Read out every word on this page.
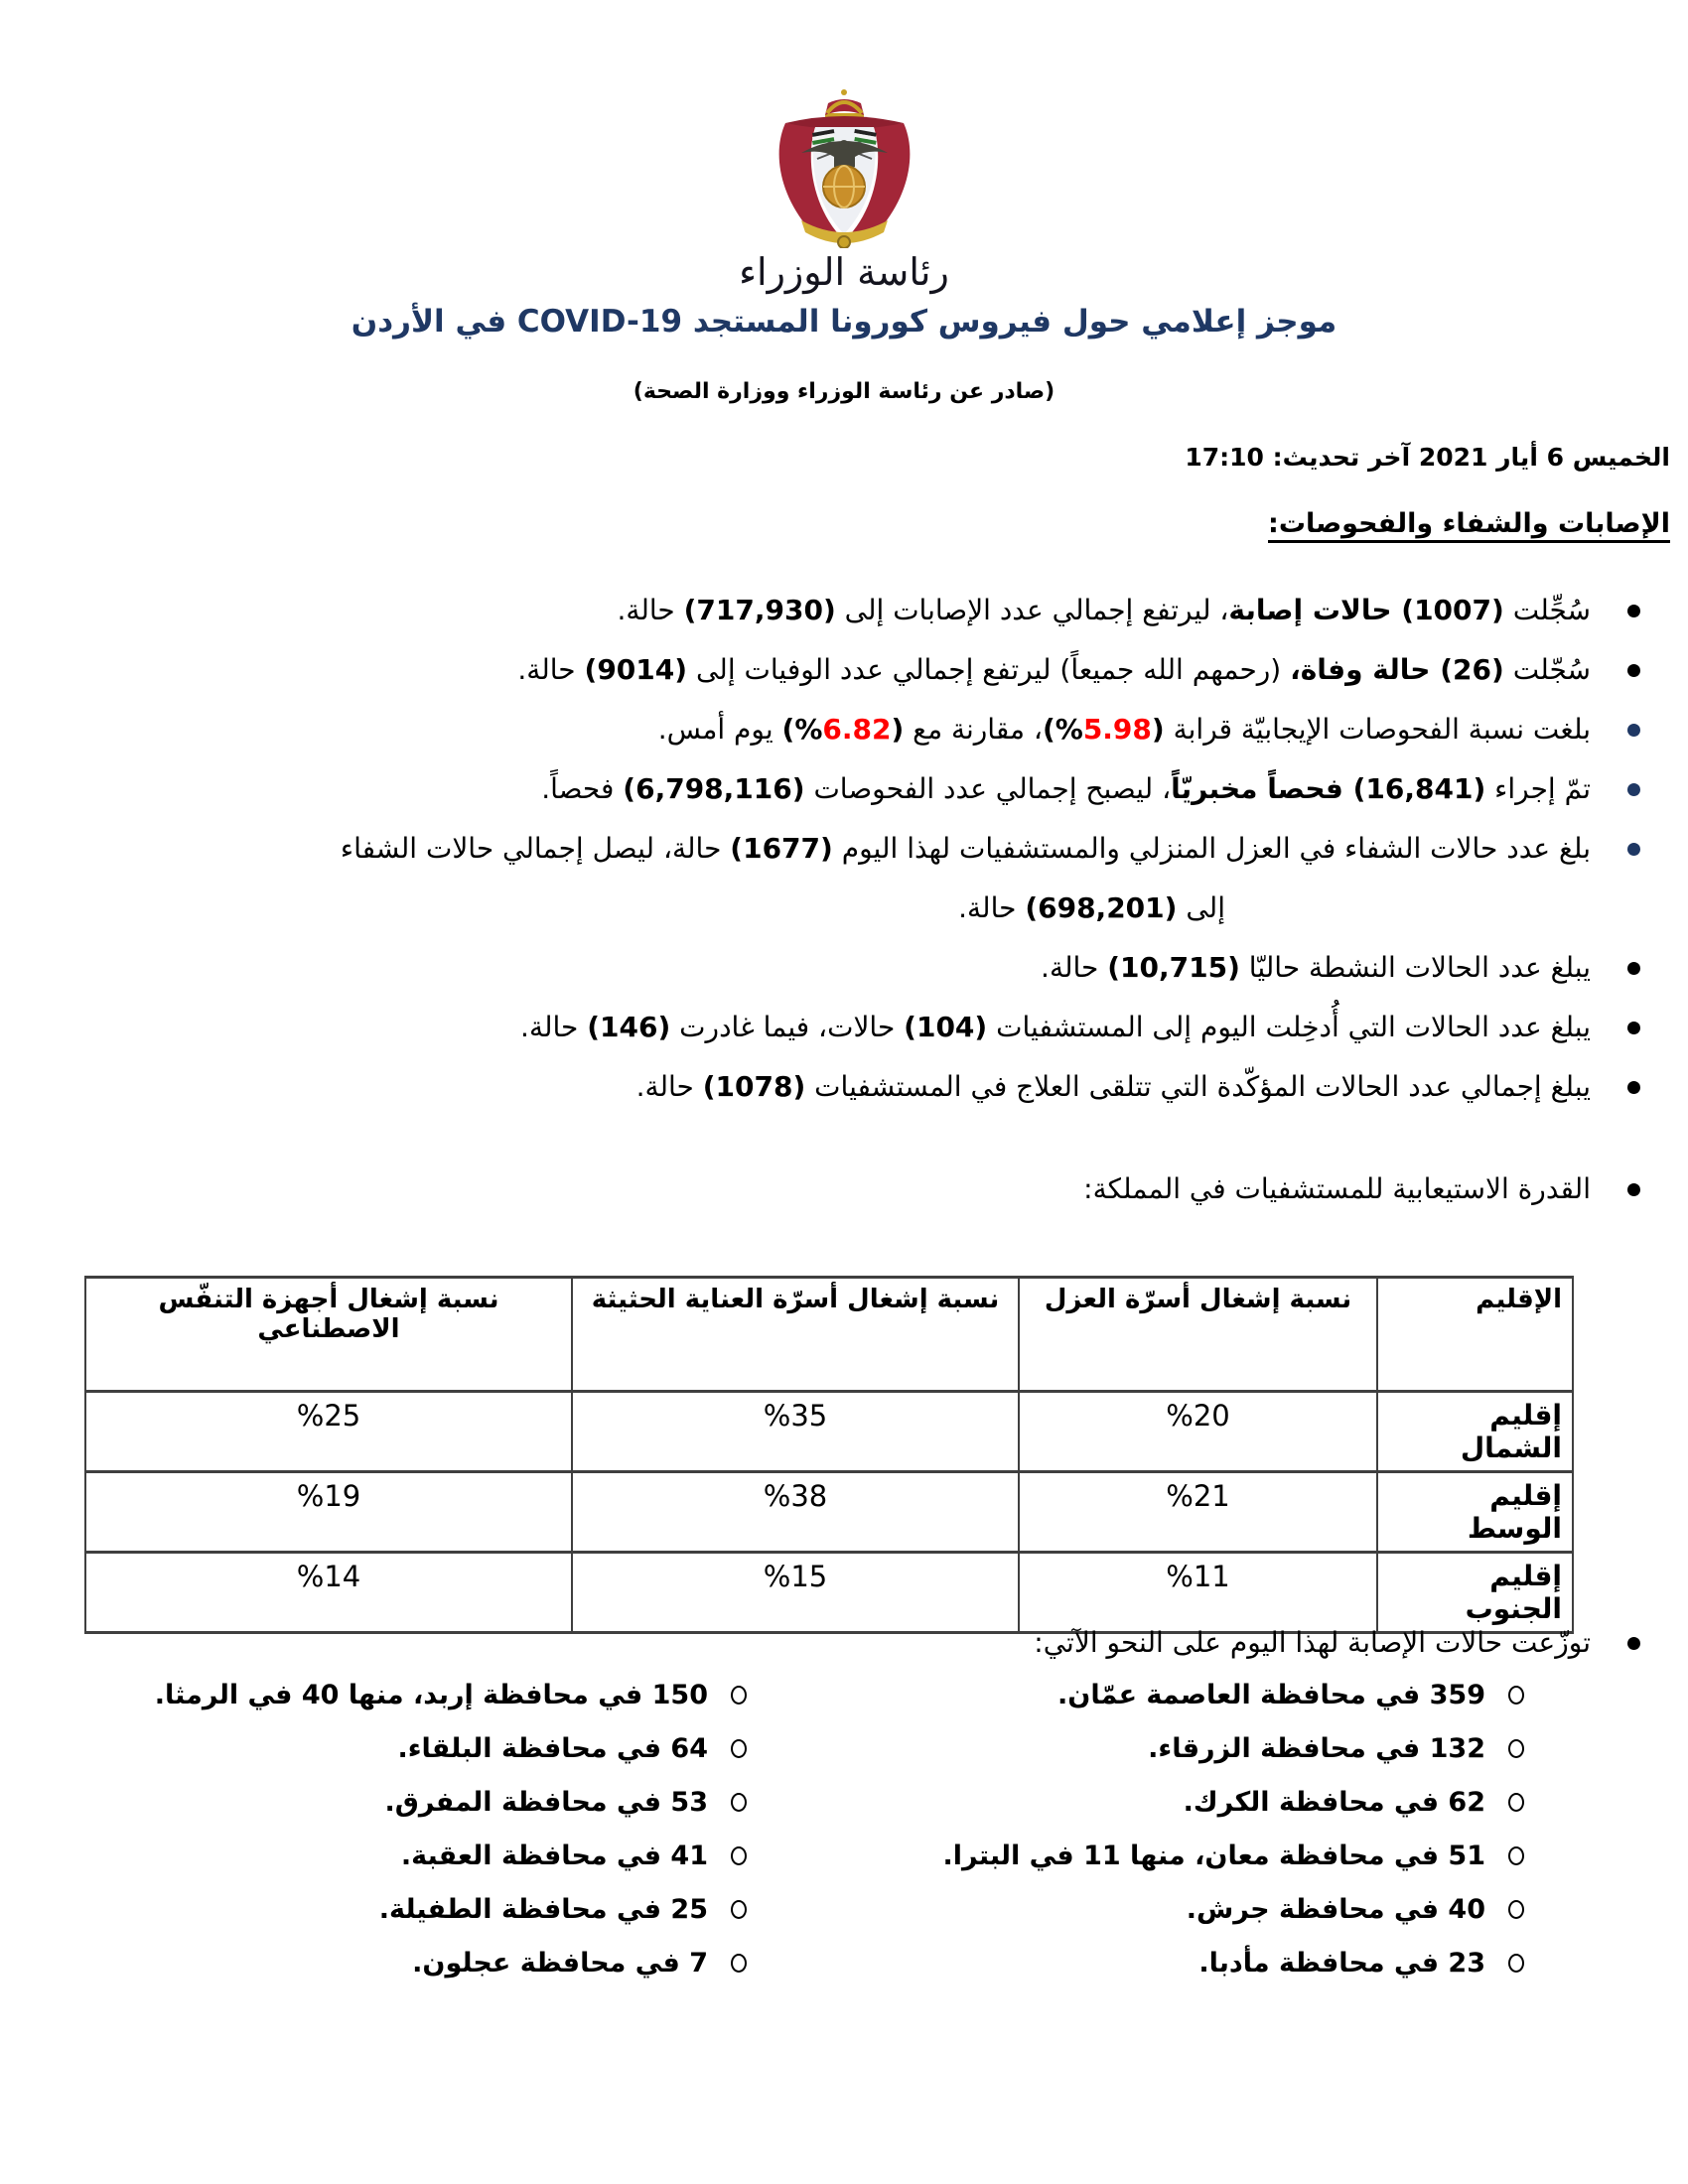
رئاسة الوزراء
موجز إعلامي حول فيروس كورونا المستجد COVID-19 في الأردن
(صادر عن رئاسة الوزراء ووزارة الصحة)
الخميس 6 أيار 2021 آخر تحديث: 17:10
الإصابات والشفاء والفحوصات:
سُجِّلت (1007) حالات إصابة، ليرتفع إجمالي عدد الإصابات إلى (717,930) حالة.
سُجّلت (26) حالة وفاة، (رحمهم الله جميعاً) ليرتفع إجمالي عدد الوفيات إلى (9014) حالة.
بلغت نسبة الفحوصات الإيجابيّة قرابة (%5.98)، مقارنة مع (%6.82) يوم أمس.
تمّ إجراء (16,841) فحصاً مخبريّاً، ليصبح إجمالي عدد الفحوصات (6,798,116) فحصاً.
بلغ عدد حالات الشفاء في العزل المنزلي والمستشفيات لهذا اليوم (1677) حالة، ليصل إجمالي حالات الشفاء
إلى (698,201) حالة.
يبلغ عدد الحالات النشطة حاليّا (10,715) حالة.
يبلغ عدد الحالات التي أُدخِلت اليوم إلى المستشفيات (104) حالات، فيما غادرت (146) حالة.
يبلغ إجمالي عدد الحالات المؤكّدة التي تتلقى العلاج في المستشفيات (1078) حالة.
القدرة الاستيعابية للمستشفيات في المملكة:
الإقليم	نسبة إشغال أسرّة العزل	نسبة إشغال أسرّة العناية الحثيثة	نسبة إشغال أجهزة التنفّس الاصطناعي
إقليم الشمال	%20	%35	%25
إقليم الوسط	%21	%38	%19
إقليم الجنوب	%11	%15	%14
توزّعت حالات الإصابة لهذا اليوم على النحو الآتي:
359 في محافظة العاصمة عمّان.
132 في محافظة الزرقاء.
62 في محافظة الكرك.
51 في محافظة معان، منها 11 في البترا.
40 في محافظة جرش.
23 في محافظة مأدبا.
150 في محافظة إربد، منها 40 في الرمثا.
64 في محافظة البلقاء.
53 في محافظة المفرق.
41 في محافظة العقبة.
25 في محافظة الطفيلة.
7 في محافظة عجلون.
